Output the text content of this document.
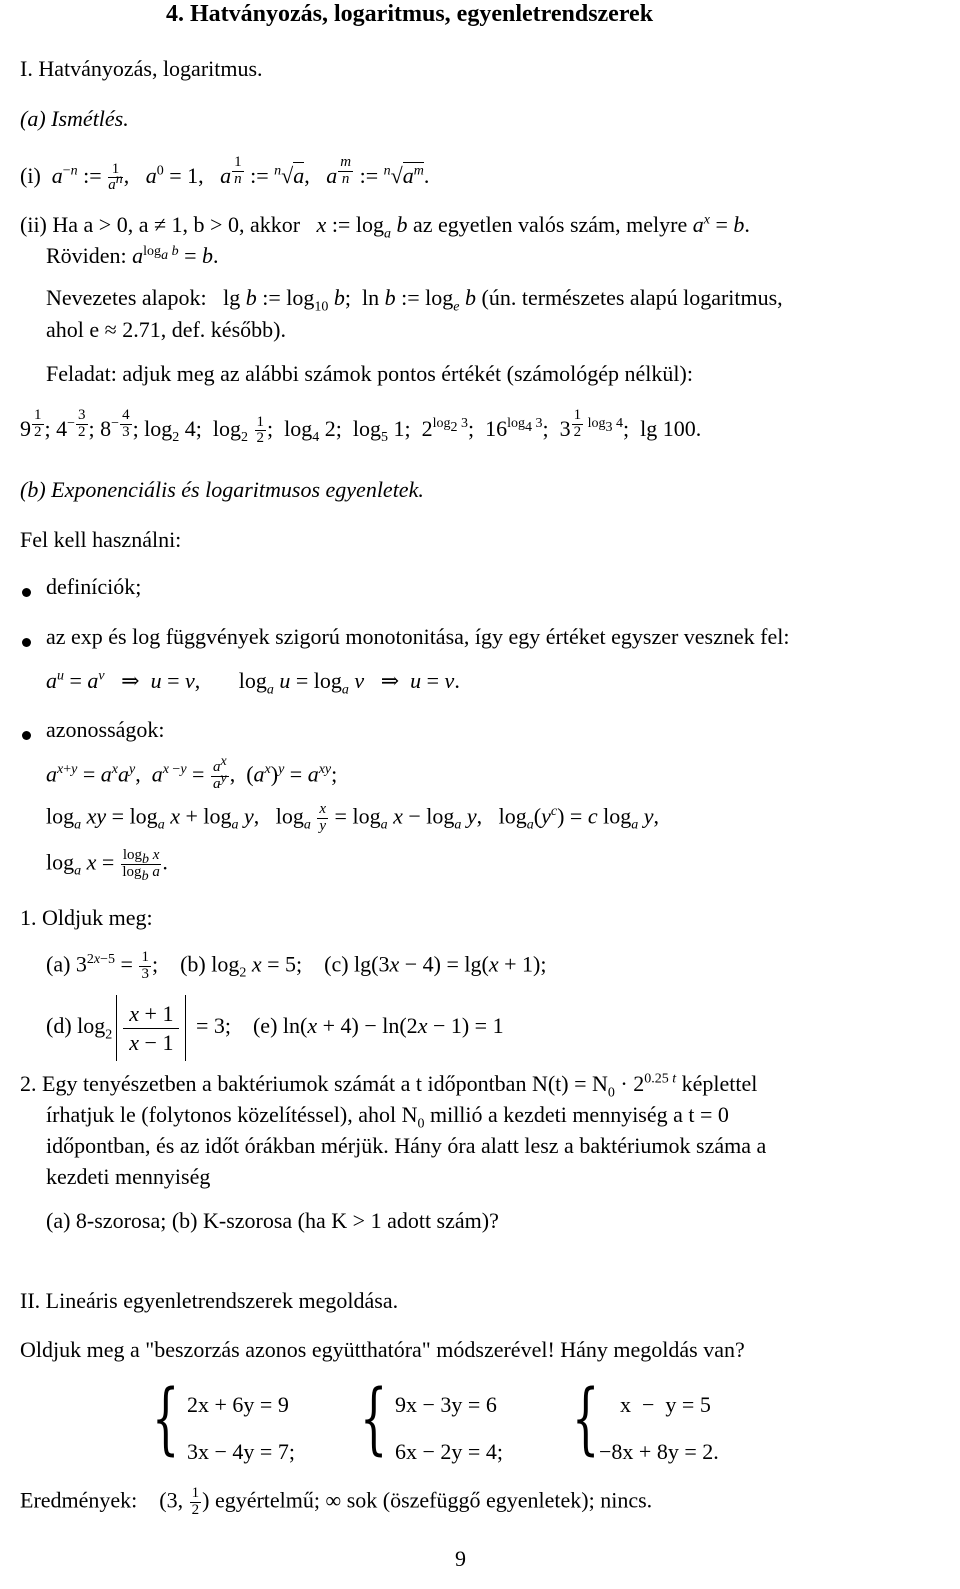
4. Hatványozás, logaritmus, egyenletrendszerek
I. Hatványozás, logaritmus.
(a) Ismétlés.
(i) $a^{-n}$ := $\frac{1}{a^n}$ ,   $a^0 = 1$,   a $^{\frac{1}{n}}$ := $^n$√a,   a $^{\frac{m}{n}}$ := $^n√a^m$.
(ii) Ha a > 0, a ≠ 1, b > 0, akkor x := $\log_a b$ az egyetlen valós szám, melyre $a^x = b$.
Röviden: $a^{log_a b} = b$.
Nevezetes alapok:   lg b := $\log_{10} b$;  ln b := $\log_e b$ (ún. természetes alapú logaritmus,
ahol e ≈ 2.71, def. később).
Feladat: adjuk meg az alábbi számok pontos értékét (számológép nélkül):
9 $^{\frac{1}{2}}$ ; $4^{- \frac{3}{2}}$ ; $8^{- \frac{4}{3}}$ ; $\log_2 4$;  $\log_2 \frac{1}{2}$ ;  $\log_4 2$;  $\log_5 1$;  $2^{log_2 3}$;  $16^{log_4 3}$;  3 $^{\frac{1}{2} log_3 4}$;  lg 100.
(b) Exponenciális és logaritmusos egyenletek.
Fel kell használni:
definíciók;
az exp és log függvények szigorú monotonitása, így egy értéket egyszer vesznek fel:
$a^u = a^v$   ⇒  u = v,       $\log_a u = \log_a v$   ⇒  u = v.
azonosságok:
$a^{x+y} = a^xa^y$,  $a^{x -y} = \frac{a^x}{a^y}$ ,  $(a^x)^y = a^{xy}$;
$\log_a$ xy = $\log_a x + \log_a y$,   $\log_a \frac{x}{y} = \log_a x - \log_a y$,   $\log_a(y^c) = c$ $\log_a y$,
$\log_a x = \frac{\log_b x}{\log_b a}$ .
1. Oldjuk meg:
(a) $3^{2x-5} = \frac{1}{3}$ ;    (b) $\log_2 x = 5$;    (c) lg(3x − 4) = lg(x + 1);
(d) $\log_2 \frac{x + 1}{x - 1} = 3$;    (e) ln(x + 4) − ln(2x − 1) = 1
2. Egy tenyészetben a baktériumok számát a t időpontban $N(t) = N_0 \cdot 2^{0.25 t}$ képlettel
írhatjuk le (folytonos közelítéssel), ahol $N_0$ millió a kezdeti mennyiség a t = 0
időpontban, és az időt órákban mérjük. Hány óra alatt lesz a baktériumok száma a
kezdeti mennyiség
(a) 8-szorosa; (b) K-szorosa (ha K > 1 adott szám)?
II. Lineáris egyenletrendszerek megoldása.
Oldjuk meg a "beszorzás azonos együtthatóra" módszerével! Hány megoldás van?
{ 2x + 6y = 9
3x − 4y = 7; { 9x − 3y = 6
6x − 2y = 4; { x  −  y = 5
−8x + 8y = 2.
Eredmények:    (3, $\frac{1}{2}$ ) egyértelmű; ∞ sok (öszefüggő egyenletek); nincs.
9
